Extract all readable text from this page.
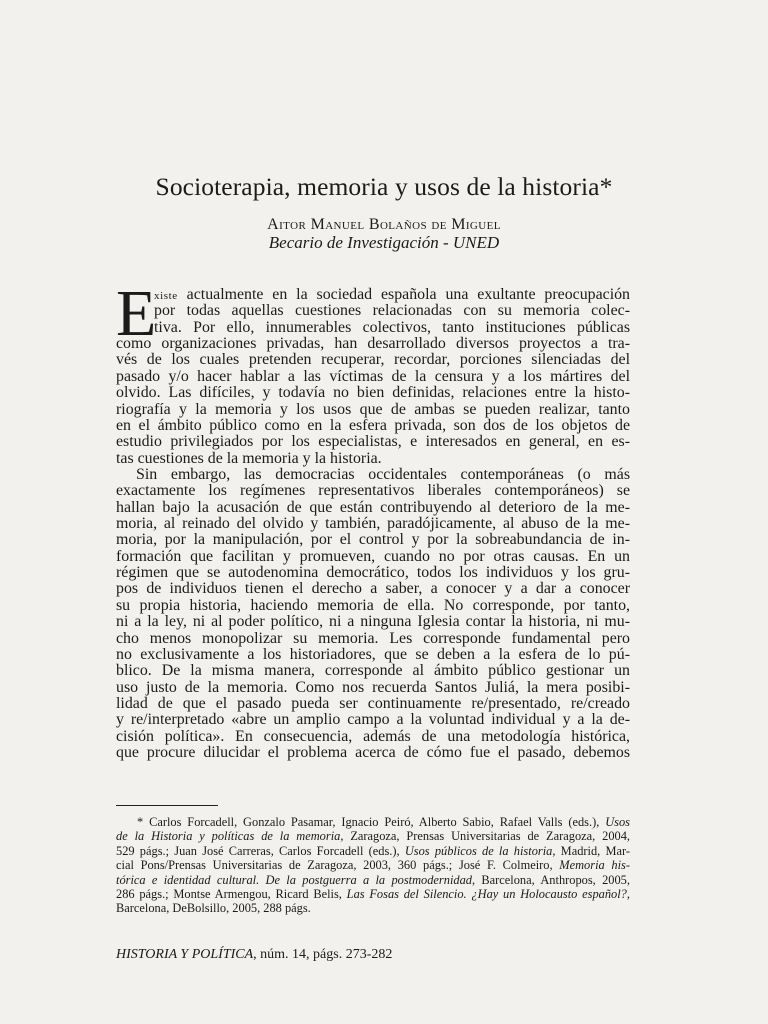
Socioterapia, memoria y usos de la historia*

Aitor Manuel Bolaños de Miguel

Becario de Investigación - UNED

E
xiste actualmente en la sociedad española una exultante preocupación
por todas aquellas cuestiones relacionadas con su memoria colec-
tiva. Por ello, innumerables colectivos, tanto instituciones públicas
como organizaciones privadas, han desarrollado diversos proyectos a tra-
vés de los cuales pretenden recuperar, recordar, porciones silenciadas del
pasado y/o hacer hablar a las víctimas de la censura y a los mártires del
olvido. Las difíciles, y todavía no bien definidas, relaciones entre la histo-
riografía y la memoria y los usos que de ambas se pueden realizar, tanto
en el ámbito público como en la esfera privada, son dos de los objetos de
estudio privilegiados por los especialistas, e interesados en general, en es-
tas cuestiones de la memoria y la historia.
Sin embargo, las democracias occidentales contemporáneas (o más
exactamente los regímenes representativos liberales contemporáneos) se
hallan bajo la acusación de que están contribuyendo al deterioro de la me-
moria, al reinado del olvido y también, paradójicamente, al abuso de la me-
moria, por la manipulación, por el control y por la sobreabundancia de in-
formación que facilitan y promueven, cuando no por otras causas. En un
régimen que se autodenomina democrático, todos los individuos y los gru-
pos de individuos tienen el derecho a saber, a conocer y a dar a conocer
su propia historia, haciendo memoria de ella. No corresponde, por tanto,
ni a la ley, ni al poder político, ni a ninguna Iglesia contar la historia, ni mu-
cho menos monopolizar su memoria. Les corresponde fundamental pero
no exclusivamente a los historiadores, que se deben a la esfera de lo pú-
blico. De la misma manera, corresponde al ámbito público gestionar un
uso justo de la memoria. Como nos recuerda Santos Juliá, la mera posibi-
lidad de que el pasado pueda ser continuamente re/presentado, re/creado
y re/interpretado «abre un amplio campo a la voluntad individual y a la de-
cisión política». En consecuencia, además de una metodología histórica,
que procure dilucidar el problema acerca de cómo fue el pasado, debemos
* Carlos Forcadell, Gonzalo Pasamar, Ignacio Peiró, Alberto Sabio, Rafael Valls (eds.), Usos
de la Historia y políticas de la memoria, Zaragoza, Prensas Universitarias de Zaragoza, 2004,
529 págs.; Juan José Carreras, Carlos Forcadell (eds.), Usos públicos de la historia, Madrid, Mar-
cial Pons/Prensas Universitarias de Zaragoza, 2003, 360 págs.; José F. Colmeiro, Memoria his-
tórica e identidad cultural. De la postguerra a la postmodernidad, Barcelona, Anthropos, 2005,
286 págs.; Montse Armengou, Ricard Belis, Las Fosas del Silencio. ¿Hay un Holocausto español?,
Barcelona, DeBolsillo, 2005, 288 págs.
HISTORIA Y POLÍTICA, núm. 14, págs. 273-282
